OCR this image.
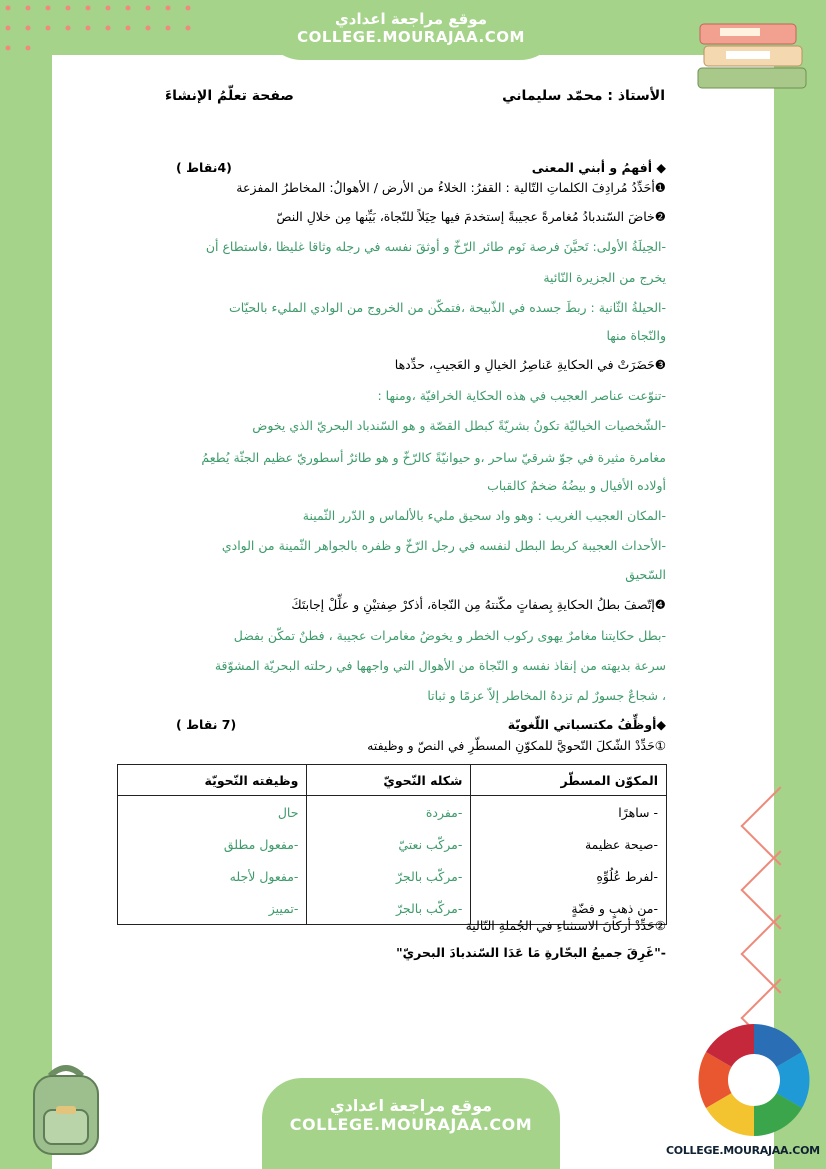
موقع مراجعة اعدادي
COLLEGE.MOURAJAA.COM
الأستاذ : محمّد سليماني
صفحة تعلّمُ الإنشاءَ
◆ أفهمُ و أبني المعنى
(4نقاط )
❶أحَدِّدُ مُرادِفَ الكلماتِ التّالية : القفرُ: الخلاءُ من الأرض / الأهوالُ: المخاطرُ المفزعة
❷خاضَ السّندبادُ مُغامرةً عجيبةً إستخدمَ فيها حِيَلاً للنّجاة، بَيِّنها مِن خلالِ النصّ
-الحِيلَةُ الأولى: تَحيَّنَ فرصة نَوم طائر الرّخّ و أوثقَ نفسه في رجله وثاقا غليظا ،فاستطاع أن
يخرج من الجزيرة النّائية
-الحيلةُ الثّانية : ربطَ جسده في الذّبيحة ،فتمكّن من الخروج من الوادي المليء بالحيّات
والنّجاة منها
❸حَضَرَتْ في الحكايةِ عَناصِرُ الخيالِ و العَجيبِ، حدِّدها
-تنوّعت عناصر العجيب في هذه الحكاية الخرافيّة ،ومنها :
-الشّخصيات الخياليّة تكونُ بشريّةً كبطل القصّة و هو السّندباد البحريّ الذي يخوض
مغامرة مثيرة في جوّ شرقيّ ساحر ،و حيوانيّةً كالرّخّ و هو طائرٌ أسطوريّ عظيم الجثّة يُطعِمُ
أولاده الأفيال و بيضُهُ ضخمٌ كالقباب
-المكان العجيب الغريب : وهو واد سحيق مليء بالألماس و الدّرر الثّمينة
-الأحداث العجيبة كربط البطل لنفسه في رجل الرّخّ و ظفره بالجواهر الثّمينة من الوادي
السّحيق
❹إتّصفَ بطلُ الحكايةِ بِصفاتٍ مكّنتهُ مِن النّجاة، أذكرْ صِفتيْنِ و علِّلْ إجابتَكَ
-بطل حكايتنا مغامرٌ يهوى ركوب الخطر و يخوضُ مغامرات عجيبة ، فطنٌ تمكّن بفضل
سرعة بديهته من إنقاذ نفسه و النّجاة من الأهوال التي واجهها في رحلته البحريّة المشوّقة
، شجاعٌ جسورٌ لم تزدهُ المخاطر إلاّ عزمًا و ثباتا
◆أوظِّفُ مكتسباتي اللّغويّة
(7 نقاط )
①حَدِّدْ الشّكلَ النّحويَّ للمكوّنِ المسطّرِ في النصّ و وظيفته
المكوّن المسطّر	شكله النّحويّ	وظيفته النّحويّة
- ساهرًا	-مفردة	حال
-صيحة عظيمة	-مركّب نعتيّ	-مفعول مطلق
-لفرط عُلُوِّهِ	-مركّب بالجرّ	-مفعول لأجله
-من ذهبٍ و فضّةٍ	-مركّب بالجرّ	-تمييز
②حَدِّدْ أركانَ الاستثناءِ في الجُملةِ التّالية
-"غَرِقَ جميعُ البحّارةِ مَا عَدَا السّندبادَ البحريّ"
موقع مراجعة اعدادي
COLLEGE.MOURAJAA.COM
COLLEGE.MOURAJAA.COM
